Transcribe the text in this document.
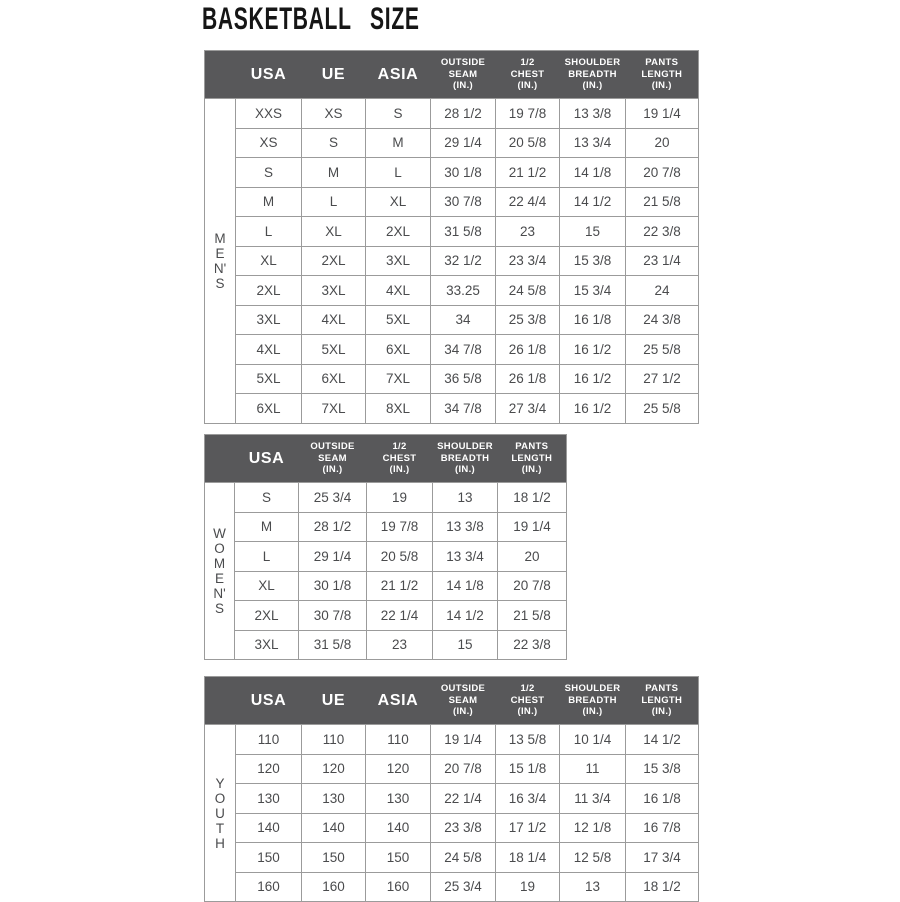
BASKETBALL SIZE
	USA	UE	ASIA	OUTSIDE
SEAM
(IN.)	1/2
CHEST
(IN.)	SHOULDER
BREADTH
(IN.)	PANTS
LENGTH
(IN.)

M
E
N'
S	XXS	XS	S	28 1/2	19 7/8	13 3/8	19 1/4
	XS	S	M	29 1/4	20 5/8	13 3/4	20
	S	M	L	30 1/8	21 1/2	14 1/8	20 7/8
	M	L	XL	30 7/8	22 4/4	14 1/2	21 5/8
	L	XL	2XL	31 5/8	23	15	22 3/8
	XL	2XL	3XL	32 1/2	23 3/4	15 3/8	23 1/4
	2XL	3XL	4XL	33.25	24 5/8	15 3/4	24
	3XL	4XL	5XL	34	25 3/8	16 1/8	24 3/8
	4XL	5XL	6XL	34 7/8	26 1/8	16 1/2	25 5/8
	5XL	6XL	7XL	36 5/8	26 1/8	16 1/2	27 1/2
	6XL	7XL	8XL	34 7/8	27 3/4	16 1/2	25 5/8
	USA	OUTSIDE
SEAM
(IN.)	1/2
CHEST
(IN.)	SHOULDER
BREADTH
(IN.)	PANTS
LENGTH
(IN.)

W
O
M
E
N'
S
	S	25 3/4	19	13	18 1/2
	M	28 1/2	19 7/8	13 3/8	19 1/4
	L	29 1/4	20 5/8	13 3/4	20
	XL	30 1/8	21 1/2	14 1/8	20 7/8
	2XL	30 7/8	22 1/4	14 1/2	21 5/8
	3XL	31 5/8	23	15	22 3/8
	USA	UE	ASIA	OUTSIDE
SEAM
(IN.)	1/2
CHEST
(IN.)	SHOULDER
BREADTH
(IN.)	PANTS
LENGTH
(IN.)

Y
O
U
T
H	110	110	110	19 1/4	13 5/8	10 1/4	14 1/2
	120	120	120	20 7/8	15 1/8	11	15 3/8
	130	130	130	22 1/4	16 3/4	11 3/4	16 1/8
	140	140	140	23 3/8	17 1/2	12 1/8	16 7/8
	150	150	150	24 5/8	18 1/4	12 5/8	17 3/4
	160	160	160	25 3/4	19	13	18 1/2
